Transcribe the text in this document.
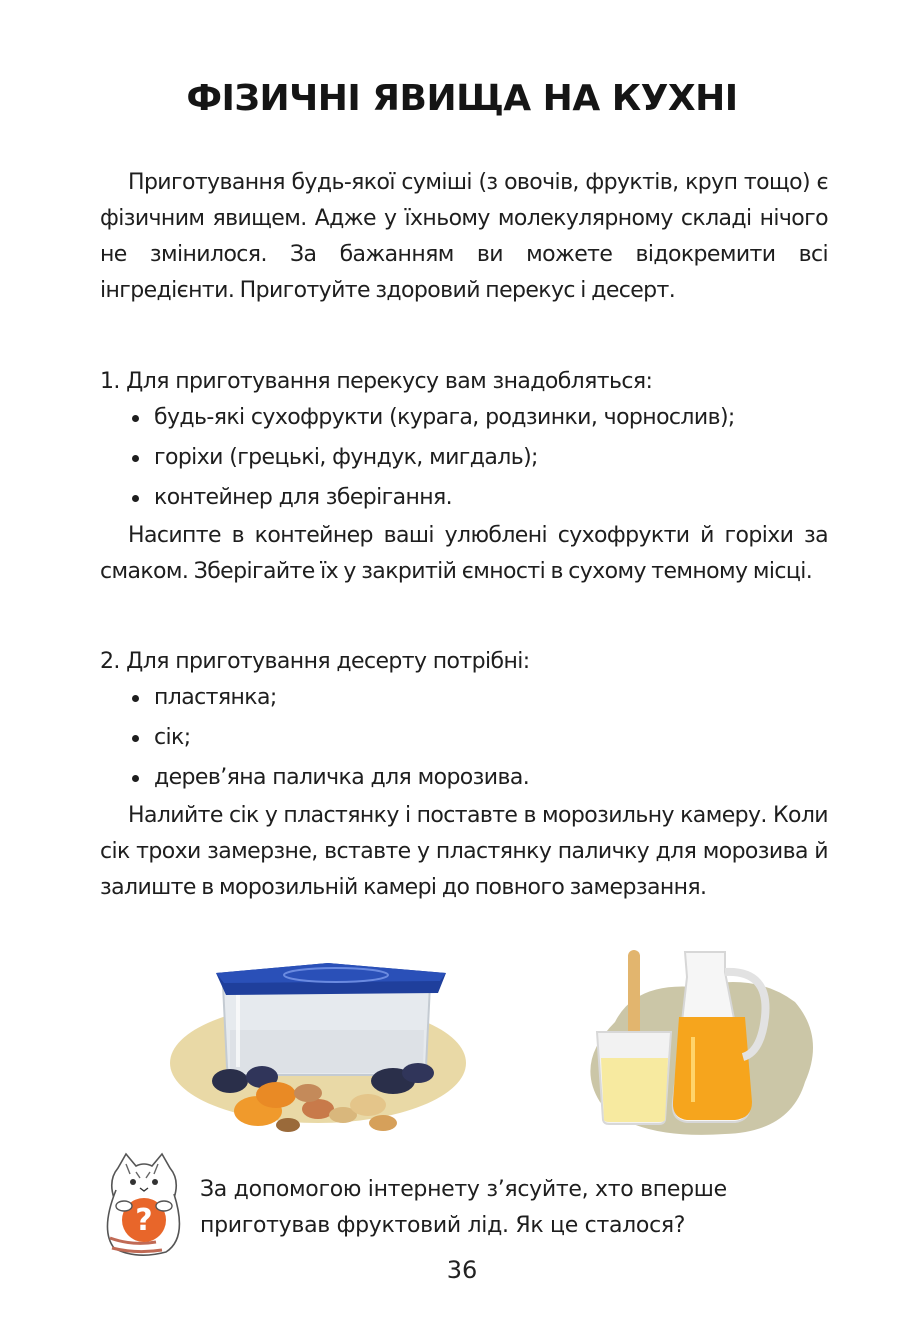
ФІЗИЧНІ ЯВИЩА НА КУХНІ
Приготування будь-якої суміші (з овочів, фруктів, круп тощо) є фізичним явищем. Адже у їхньому молекулярному складі нічого не змінилося. За бажанням ви можете відокремити всі інгредієнти. Приготуйте здоровий перекус і десерт.
1. Для приготування перекусу вам знадобляться:
будь-які сухофрукти (курага, родзинки, чорнослив);
горіхи (грецькі, фундук, мигдаль);
контейнер для зберігання.
Насипте в контейнер ваші улюблені сухофрукти й горіхи за смаком. Зберігайте їх у закритій ємності в сухому темному місці.
2. Для приготування десерту потрібні:
пластянка;
сік;
дерев’яна паличка для морозива.
Налийте сік у пластянку і поставте в морозильну камеру. Коли сік трохи замерзне, вставте у пластянку паличку для морозива й залиште в морозильній камері до повного замерзання.
?
За допомогою інтернету з’ясуйте, хто вперше приготував фруктовий лід. Як це сталося?
36
